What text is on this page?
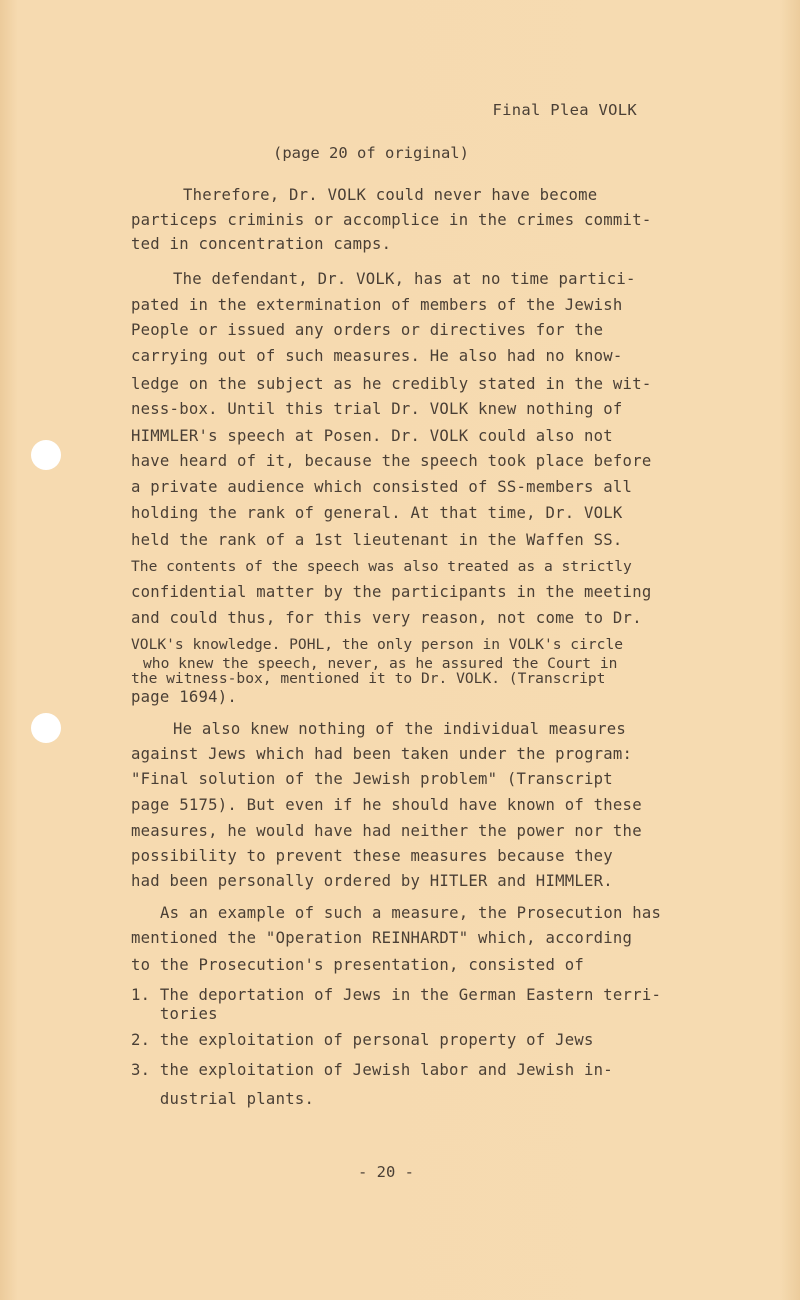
Final Plea VOLK
(page 20 of original)
Therefore, Dr. VOLK could never have become
particeps criminis or accomplice in the crimes commit-
ted in concentration camps.
The defendant, Dr. VOLK, has at no time partici-
pated in the extermination of members of the Jewish
People or issued any orders or directives for the
carrying out of such measures. He also had no know-
ledge on the subject as he credibly stated in the wit-
ness-box. Until this trial Dr. VOLK knew nothing of
HIMMLER's speech at Posen. Dr. VOLK could also not
have heard of it, because the speech took place before
a private audience which consisted of SS-members all
holding the rank of general. At that time, Dr. VOLK
held the rank of a 1st lieutenant in the Waffen SS.
The contents of the speech was also treated as a strictly
confidential matter by the participants in the meeting
and could thus, for this very reason, not come to Dr.
VOLK's knowledge. POHL, the only person in VOLK's circle
who knew the speech, never, as he assured the Court in
the witness-box, mentioned it to Dr. VOLK. (Transcript
page 1694).
He also knew nothing of the individual measures
against Jews which had been taken under the program:
"Final solution of the Jewish problem" (Transcript
page 5175). But even if he should have known of these
measures, he would have had neither the power nor the
possibility to prevent these measures because they
had been personally ordered by HITLER and HIMMLER.
As an example of such a measure, the Prosecution has
mentioned the "Operation REINHARDT" which, according
to the Prosecution's presentation, consisted of
1. The deportation of Jews in the German Eastern terri-
tories
2. the exploitation of personal property of Jews
3. the exploitation of Jewish labor and Jewish in-
dustrial plants.
- 20 -
